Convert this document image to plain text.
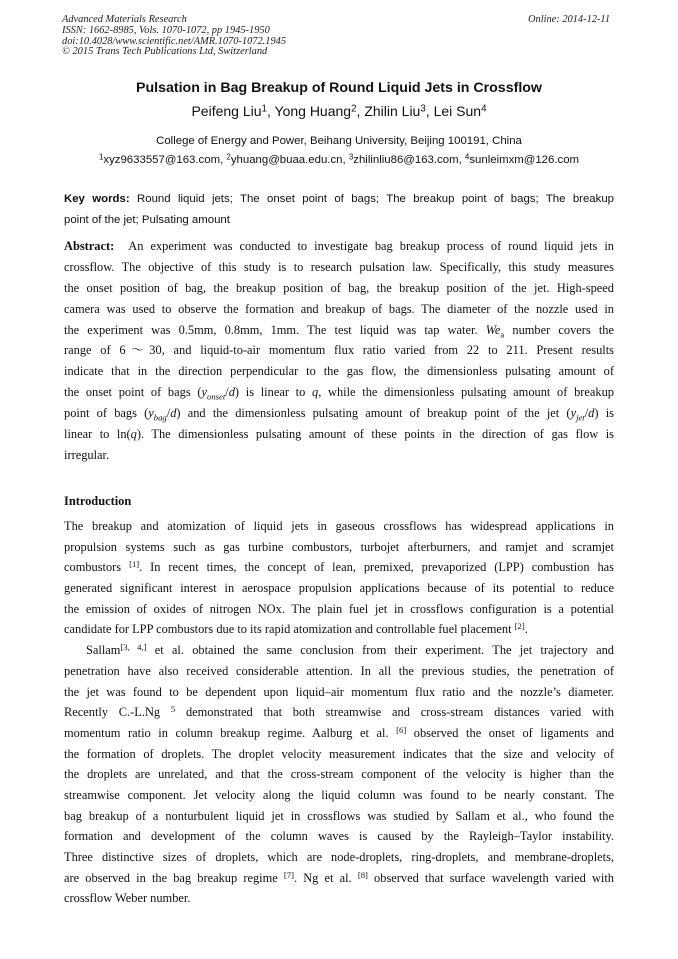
Advanced Materials Research
ISSN: 1662-8985, Vols. 1070-1072, pp 1945-1950
doi:10.4028/www.scientific.net/AMR.1070-1072.1945
© 2015 Trans Tech Publications Ltd, Switzerland
Online: 2014-12-11
Pulsation in Bag Breakup of Round Liquid Jets in Crossflow
Peifeng Liu$^1$, Yong Huang$^2$, Zhilin Liu$^3$, Lei Sun$^4$
College of Energy and Power, Beihang University, Beijing 100191, China
$^1$xyz9633557@163.com, $^2$yhuang@buaa.edu.cn, $^3$zhilinliu86@163.com, $^4$sunleimxm@126.com
Key words: Round liquid jets; The onset point of bags; The breakup point of bags; The breakup
point of the jet; Pulsating amount
Abstract: An experiment was conducted to investigate bag breakup process of round liquid jets in
crossflow. The objective of this study is to research pulsation law. Specifically, this study measures
the onset position of bag, the breakup position of bag, the breakup position of the jet. High-speed
camera was used to observe the formation and breakup of bags. The diameter of the nozzle used in
the experiment was 0.5mm, 0.8mm, 1mm. The test liquid was tap water. $We_a$ number covers the
range of 6～30, and liquid-to-air momentum flux ratio varied from 22 to 211. Present results
indicate that in the direction perpendicular to the gas flow, the dimensionless pulsating amount of
the onset point of bags $(y_{onset}/d)$ is linear to q, while the dimensionless pulsating amount of breakup
point of bags $(y_{bag}/d)$ and the dimensionless pulsating amount of breakup point of the jet $(y_{jet}/d)$ is
linear to ln(q). The dimensionless pulsating amount of these points in the direction of gas flow is
irregular.
Introduction
The breakup and atomization of liquid jets in gaseous crossflows has widespread applications in
propulsion systems such as gas turbine combustors, turbojet afterburners, and ramjet and scramjet
combustors [1]. In recent times, the concept of lean, premixed, prevaporized (LPP) combustion has
generated significant interest in aerospace propulsion applications because of its potential to reduce
the emission of oxides of nitrogen NOx. The plain fuel jet in crossflows configuration is a potential
candidate for LPP combustors due to its rapid atomization and controllable fuel placement [2].
Sallam[3, 4,] et al. obtained the same conclusion from their experiment. The jet trajectory and
penetration have also received considerable attention. In all the previous studies, the penetration of
the jet was found to be dependent upon liquid–air momentum flux ratio and the nozzle’s diameter.
Recently C.-L.Ng $^5$ demonstrated that both streamwise and cross-stream distances varied with
momentum ratio in column breakup regime. Aalburg et al. [6] observed the onset of ligaments and
the formation of droplets. The droplet velocity measurement indicates that the size and velocity of
the droplets are unrelated, and that the cross-stream component of the velocity is higher than the
streamwise component. Jet velocity along the liquid column was found to be nearly constant. The
bag breakup of a nonturbulent liquid jet in crossflows was studied by Sallam et al., who found the
formation and development of the column waves is caused by the Rayleigh–Taylor instability.
Three distinctive sizes of droplets, which are node-droplets, ring-droplets, and membrane-droplets,
are observed in the bag breakup regime [7]. Ng et al. [8] observed that surface wavelength varied with
crossflow Weber number.
